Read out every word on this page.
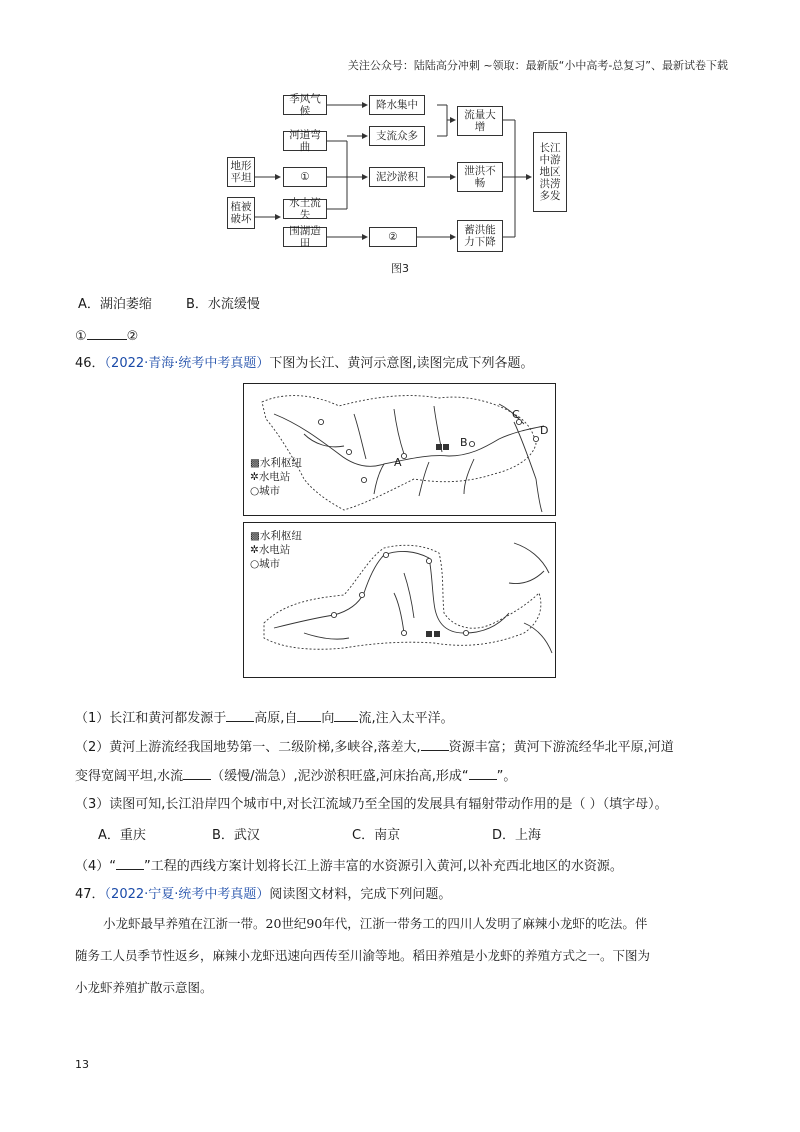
关注公众号：陆陆高分冲刺 ~领取：最新版“小中高考-总复习”、最新试卷下载
季风气候	降水集中
支流众多
流量大增
河道弯曲
地形平坦	①	泥沙淤积	泄洪不畅
植被破坏
水土流失
围湖造田	②
蓄洪能力下降
长江中游地区洪涝多发
图3
A．湖泊萎缩	B．水流缓慢
①	②
46．（2022·青海·统考中考真题）下图为长江、黄河示意图,读图完成下列各题。
▩水利枢纽
✲水电站
○城市
A
B
C
D
▩水利枢纽
✲水电站
○城市
（1）长江和黄河都发源于 高原,自 向 流,注入太平洋。
（2）黄河上游流经我国地势第一、二级阶梯,多峡谷,落差大, 资源丰富；黄河下游流经华北平原,河道
变得宽阔平坦,水流 （缓慢/湍急）,泥沙淤积旺盛,河床抬高,形成“ ”。
（3）读图可知,长江沿岸四个城市中,对长江流域乃至全国的发展具有辐射带动作用的是（ ）（填字母）。
A．重庆	B．武汉	C．南京	D．上海
（4）“ ”工程的西线方案计划将长江上游丰富的水资源引入黄河,以补充西北地区的水资源。
47．（2022·宁夏·统考中考真题）阅读图文材料，完成下列问题。
小龙虾最早养殖在江浙一带。20世纪90年代，江浙一带务工的四川人发明了麻辣小龙虾的吃法。伴
随务工人员季节性返乡，麻辣小龙虾迅速向西传至川渝等地。稻田养殖是小龙虾的养殖方式之一。下图为
小龙虾养殖扩散示意图。
13
